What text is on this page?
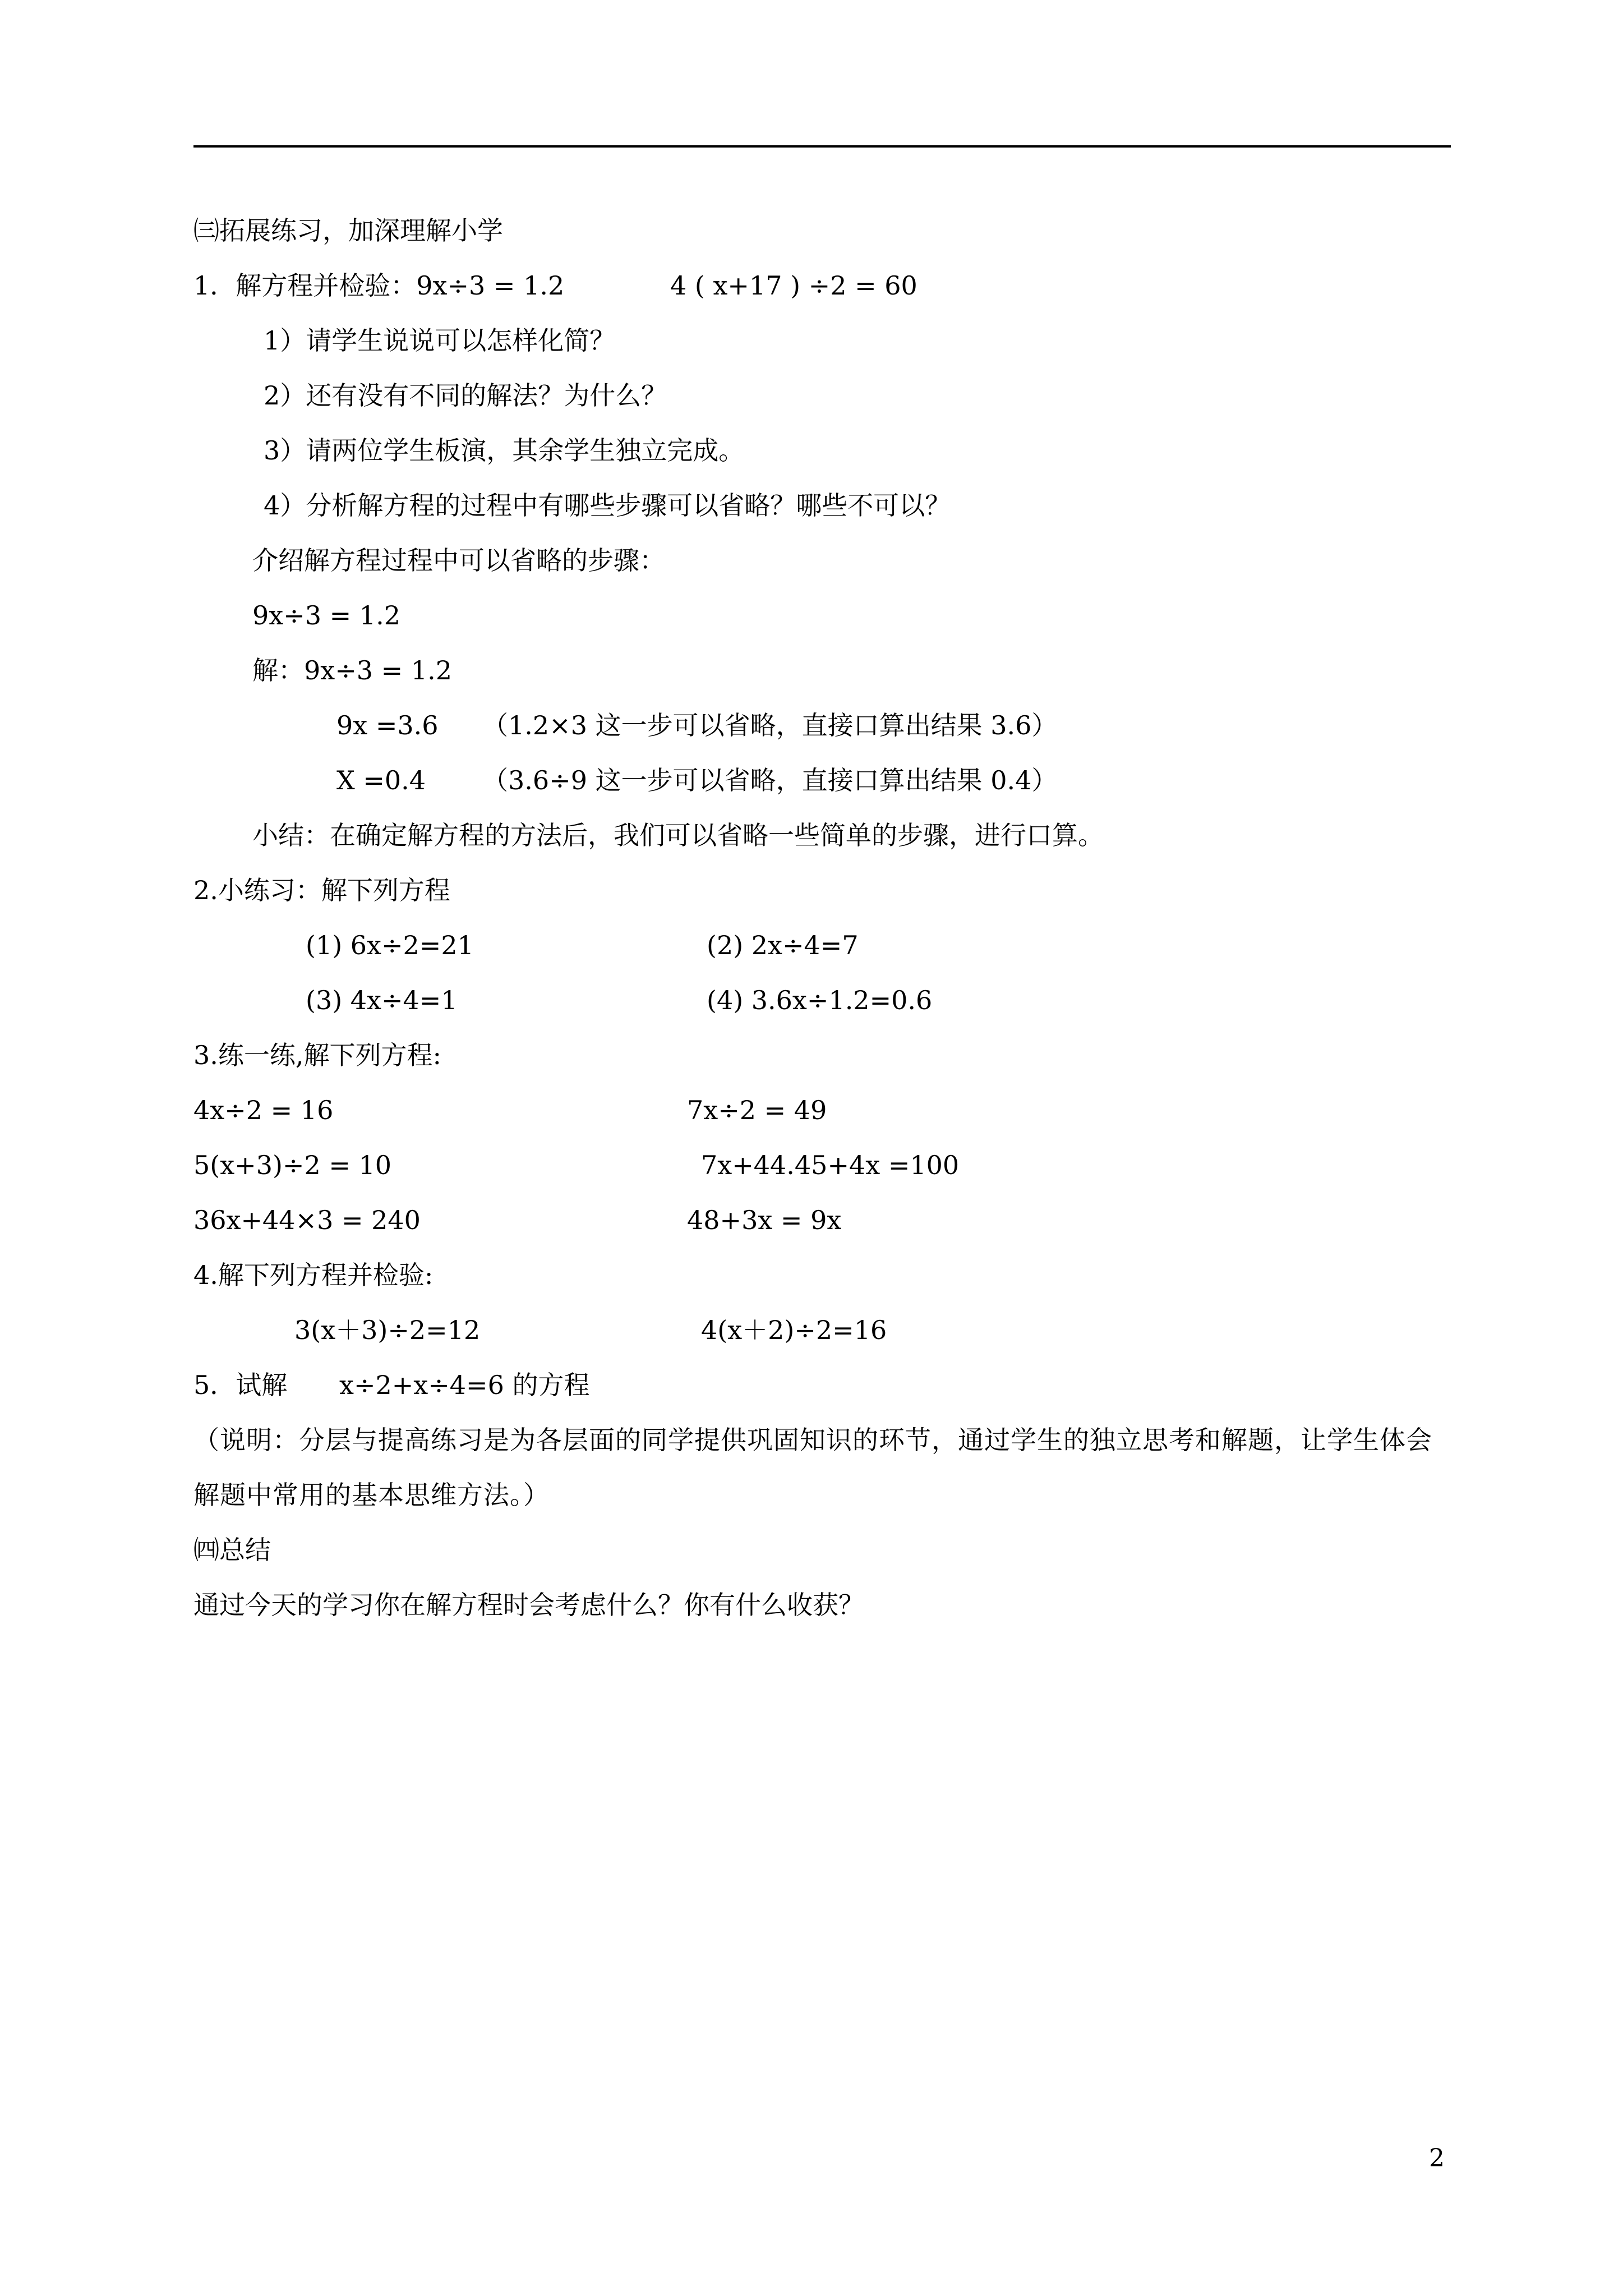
㈢拓展练习，加深理解小学
1．解方程并检验：9x÷3 = 1.2	4 ( x+17 ) ÷2 = 60
1）请学生说说可以怎样化简？
2）还有没有不同的解法？为什么？
3）请两位学生板演，其余学生独立完成。
4）分析解方程的过程中有哪些步骤可以省略？哪些不可以？
介绍解方程过程中可以省略的步骤：
9x÷3 = 1.2
解：9x÷3 = 1.2
9x =3.6 （1.2×3 这一步可以省略，直接口算出结果 3.6）
X =0.4 （3.6÷9 这一步可以省略，直接口算出结果 0.4）
小结：在确定解方程的方法后，我们可以省略一些简单的步骤，进行口算。
2.小练习：解下列方程
(1) 6x÷2=21	(2) 2x÷4=7
(3) 4x÷4=1	(4) 3.6x÷1.2=0.6
3.练一练,解下列方程:
4x÷2 = 16	7x÷2 = 49
5(x+3)÷2 = 10	7x+44.45+4x =100
36x+44×3 = 240	48+3x = 9x
4.解下列方程并检验:
3(x＋3)÷2=12	4(x＋2)÷2=16
5．试解 x÷2+x÷4=6 的方程
（说明：分层与提高练习是为各层面的同学提供巩固知识的环节，通过学生的独立思考和解题，让学生体会解题中常用的基本思维方法。）
㈣总结
通过今天的学习你在解方程时会考虑什么？你有什么收获？
2
